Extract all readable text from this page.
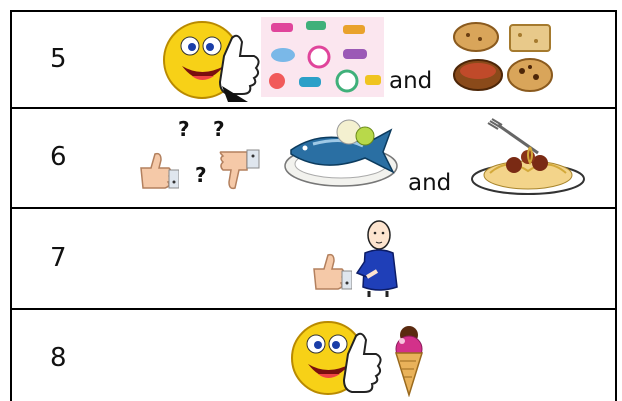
5
and
6
? ?
?	and
7
8
